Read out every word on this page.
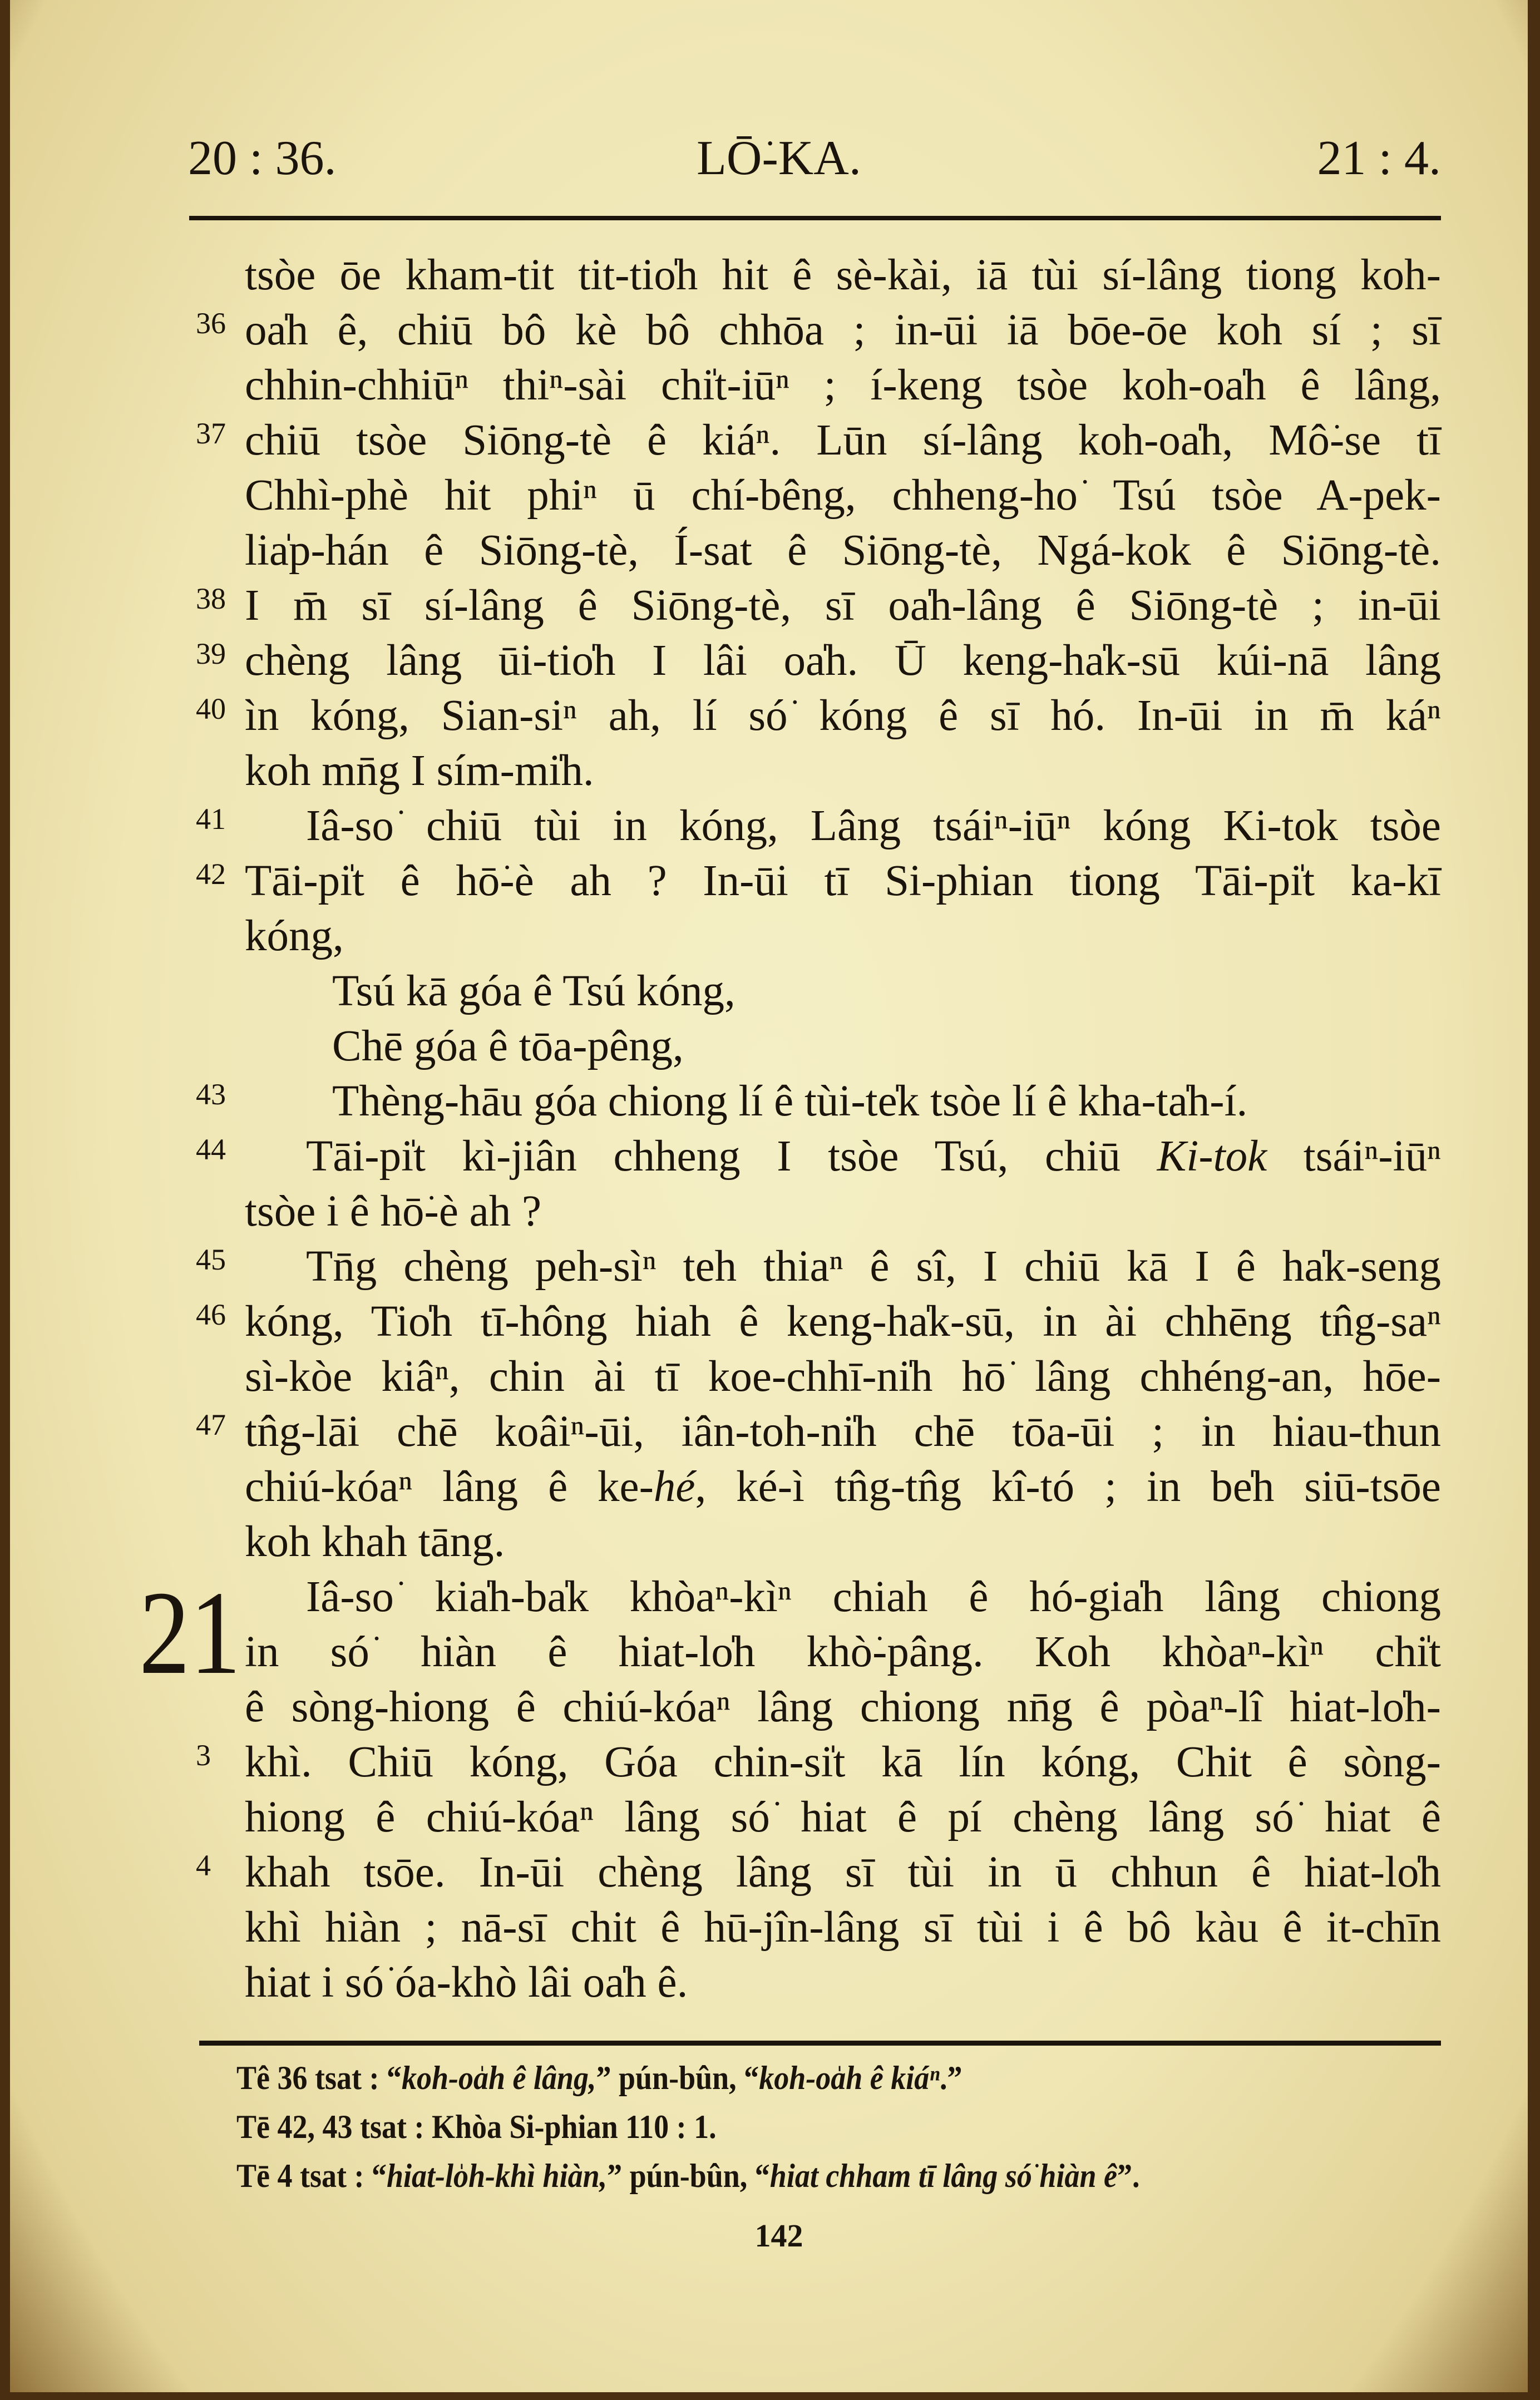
20 : 36.	LŌ͘-KA.	21 : 4.
tsòe ōe kham-tit tit-tio̍h hit ê sè-kài, iā tùi sí-lâng tiong koh-
oa̍h ê, chiū bô kè bô chhōa ; in-ūi iā bōe-ōe koh sí ; sī
36
chhin-chhiūⁿ thiⁿ-sài chi̍t-iūⁿ ; í-keng tsòe koh-oa̍h ê lâng,
chiū tsòe Siōng-tè ê kiáⁿ. Lūn sí-lâng koh-oa̍h, Mô͘-se tī
37
Chhì-phè hit phiⁿ ū chí-bêng, chheng-ho͘ Tsú tsòe A-pek-
lia̍p-hán ê Siōng-tè, Í-sat ê Siōng-tè, Ngá-kok ê Siōng-tè.
I m̄ sī sí-lâng ê Siōng-tè, sī oa̍h-lâng ê Siōng-tè ; in-ūi
38
chèng lâng ūi-tio̍h I lâi oa̍h. Ū keng-ha̍k-sū kúi-nā lâng
39
ìn kóng, Sian-siⁿ ah, lí só͘ kóng ê sī hó. In-ūi in m̄ káⁿ
40
koh mn̄g I sím-mi̍h.
Iâ-so͘ chiū tùi in kóng, Lâng tsáiⁿ-iūⁿ kóng Ki-tok tsòe
41
Tāi-pi̍t ê hō͘-è ah ? In-ūi tī Si-phian tiong Tāi-pi̍t ka-kī
42
kóng,
Tsú kā góa ê Tsú kóng,
Chē góa ê tōa-pêng,
Thèng-hāu góa chiong lí ê tùi-te̍k tsòe lí ê kha-ta̍h-í.
43
Tāi-pi̍t kì-jiân chheng I tsòe Tsú, chiū Ki-tok tsáiⁿ-iūⁿ
44
tsòe i ê hō͘-è ah ?
Tn̄g chèng peh-sìⁿ teh thiaⁿ ê sî, I chiū kā I ê ha̍k-seng
45
kóng, Tio̍h tī-hông hiah ê keng-ha̍k-sū, in ài chhēng tn̂g-saⁿ
46
sì-kòe kiâⁿ, chin ài tī koe-chhī-ni̍h hō͘ lâng chhéng-an, hōe-
tn̂g-lāi chē koâiⁿ-ūi, iân-toh-ni̍h chē tōa-ūi ; in hiau-thun
47
chiú-kóaⁿ lâng ê ke-hé, ké-ì tn̂g-tn̂g kî-tó ; in be̍h siū-tsōe
koh khah tāng.
Iâ-so͘ kia̍h-ba̍k khòaⁿ-kìⁿ chiah ê hó-gia̍h lâng chiong
in só͘ hiàn ê hiat-lo̍h khò͘-pâng. Koh khòaⁿ-kìⁿ chi̍t
ê sòng-hiong ê chiú-kóaⁿ lâng chiong nn̄g ê pòaⁿ-lî hiat-lo̍h-
khì. Chiū kóng, Góa chin-si̍t kā lín kóng, Chit ê sòng-
3
hiong ê chiú-kóaⁿ lâng só͘ hiat ê pí chèng lâng só͘ hiat ê
khah tsōe. In-ūi chèng lâng sī tùi in ū chhun ê hiat-lo̍h
4
khì hiàn ; nā-sī chit ê hū-jîn-lâng sī tùi i ê bô kàu ê it-chīn
hiat i só͘ óa-khò lâi oa̍h ê.
21
Tê 36 tsat : “koh-oa̍h ê lâng,” pún-bûn, “koh-oa̍h ê kiáⁿ.”
Tē 42, 43 tsat : Khòa Si-phian 110 : 1.
Tē 4 tsat : “hiat-lo̍h-khì hiàn,” pún-bûn, “hiat chham tī lâng só͘ hiàn ê”.
142
